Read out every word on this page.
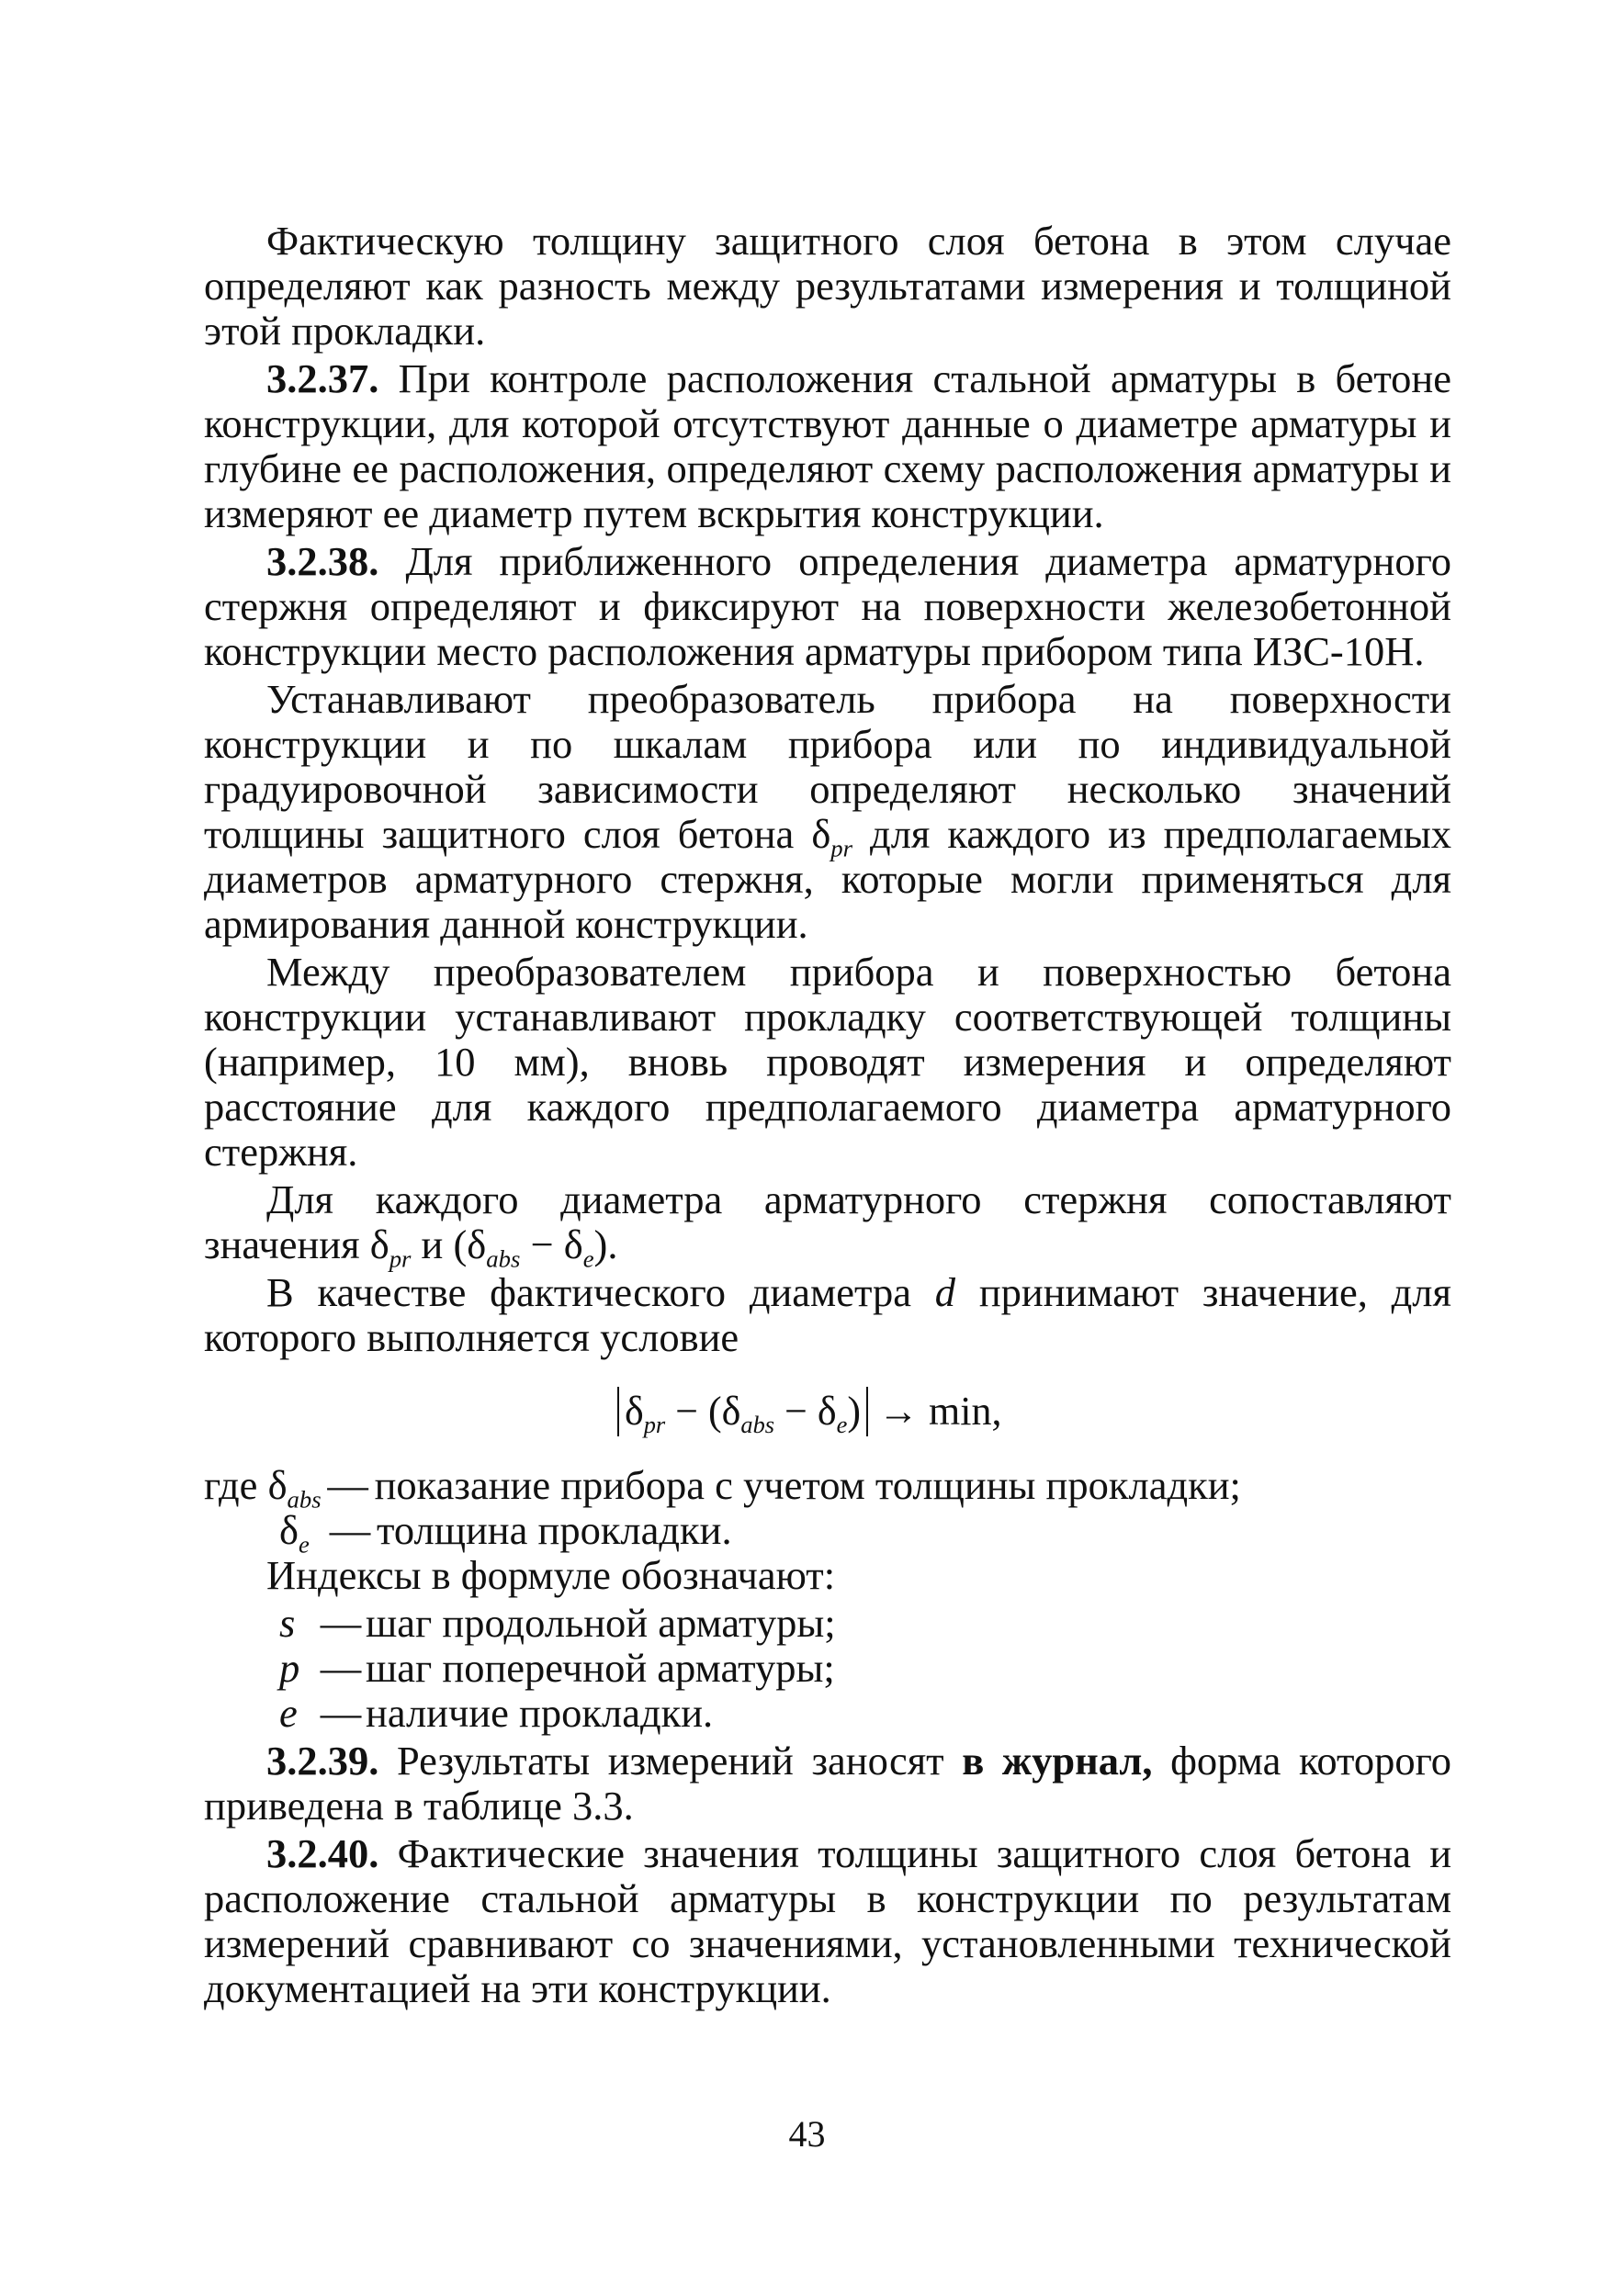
Фактическую толщину защитного слоя бетона в этом случае определяют как разность между результатами измерения и толщиной этой прокладки.

3.2.37. При контроле расположения стальной арматуры в бетоне конструкции, для которой отсутствуют данные о диаметре арматуры и глубине ее расположения, определяют схему расположения арматуры и измеряют ее диаметр путем вскрытия конструкции.

3.2.38. Для приближенного определения диаметра арматурного стержня определяют и фиксируют на поверхности железобетонной конструкции место расположения арматуры прибором типа ИЗС-10Н.

Устанавливают преобразователь прибора на поверхности конструкции и по шкалам прибора или по индивидуальной градуировочной зависимости определяют несколько значений толщины защитного слоя бетона $\delta_{pr}$ для каждого из предполагаемых диаметров арматурного стержня, которые могли применяться для армирования данной конструкции.

Между преобразователем прибора и поверхностью бетона конструкции устанавливают прокладку соответствующей толщины (например, 10 мм), вновь проводят измерения и определяют расстояние для каждого предполагаемого диаметра арматурного стержня.

Для каждого диаметра арматурного стержня сопоставляют значения $\delta_{pr}$ и $(\delta_{abs} - \delta_e)$.

В качестве фактического диаметра d принимают значение, для которого выполняется условие

$\delta_{pr} - (\delta_{abs} - \delta_e) \to \min$,
где $\delta_{abs}$ — показание прибора с учетом толщины прокладки;
$\delta_e$ — толщина прокладки.

Индексы в формуле обозначают:

s — шаг продольной арматуры;
p — шаг поперечной арматуры;
e — наличие прокладки.

3.2.39. Результаты измерений заносят в журнал, форма которого приведена в таблице 3.3.

3.2.40. Фактические значения толщины защитного слоя бетона и расположение стальной арматуры в конструкции по результатам измерений сравнивают со значениями, установленными технической документацией на эти конструкции.

43
